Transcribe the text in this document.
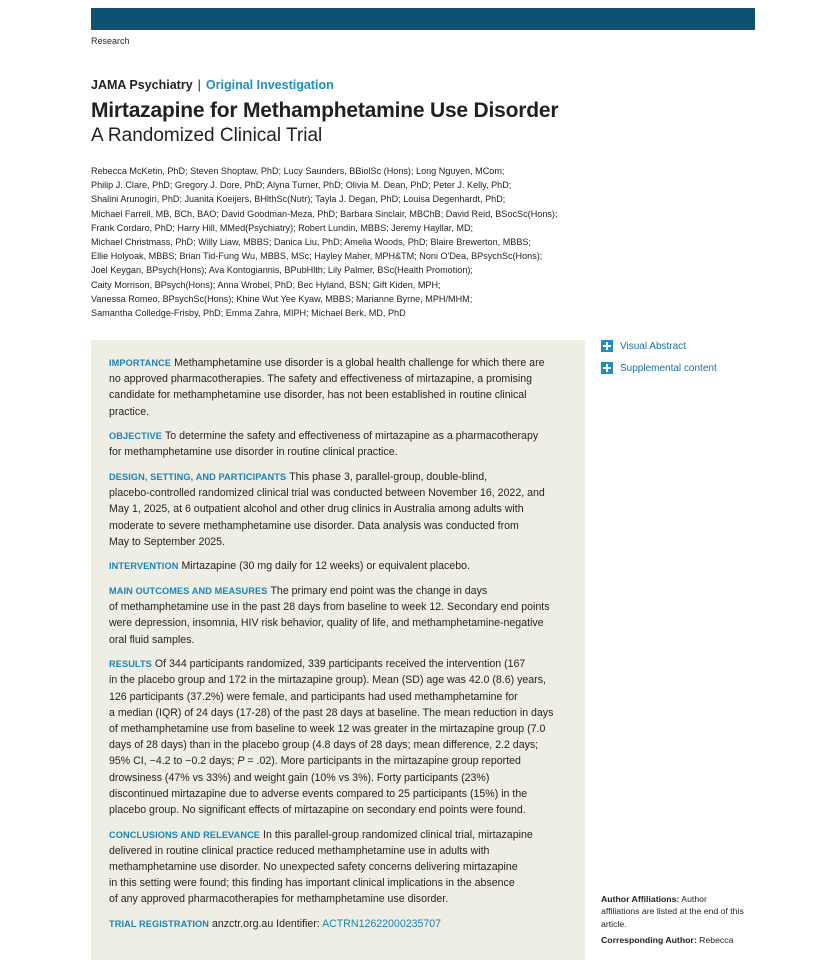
Research
JAMA Psychiatry | Original Investigation
Mirtazapine for Methamphetamine Use Disorder
A Randomized Clinical Trial
Rebecca McKetin, PhD; Steven Shoptaw, PhD; Lucy Saunders, BBiolSc (Hons); Long Nguyen, MCom;
Philip J. Clare, PhD; Gregory J. Dore, PhD; Alyna Turner, PhD; Olivia M. Dean, PhD; Peter J. Kelly, PhD;
Shalini Arunogiri, PhD; Juanita Koeijers, BHlthSc(Nutr); Tayla J. Degan, PhD; Louisa Degenhardt, PhD;
Michael Farrell, MB, BCh, BAO; David Goodman-Meza, PhD; Barbara Sinclair, MBChB; David Reid, BSocSc(Hons);
Frank Cordaro, PhD; Harry Hill, MMed(Psychiatry); Robert Lundin, MBBS; Jeremy Hayllar, MD;
Michael Christmass, PhD; Willy Liaw, MBBS; Danica Liu, PhD; Amelia Woods, PhD; Blaire Brewerton, MBBS;
Ellie Holyoak, MBBS; Brian Tid-Fung Wu, MBBS, MSc; Hayley Maher, MPH&TM; Noni O'Dea, BPsychSc(Hons);
Joel Keygan, BPsych(Hons); Ava Kontogiannis, BPubHlth; Lily Palmer, BSc(Health Promotion);
Caity Morrison, BPsych(Hons); Anna Wrobel, PhD; Bec Hyland, BSN; Gift Kiden, MPH;
Vanessa Romeo, BPsychSc(Hons); Khine Wut Yee Kyaw, MBBS; Marianne Byrne, MPH/MHM;
Samantha Colledge-Frisby, PhD; Emma Zahra, MIPH; Michael Berk, MD, PhD
IMPORTANCE Methamphetamine use disorder is a global health challenge for which there are
no approved pharmacotherapies. The safety and effectiveness of mirtazapine, a promising
candidate for methamphetamine use disorder, has not been established in routine clinical
practice.
OBJECTIVE To determine the safety and effectiveness of mirtazapine as a pharmacotherapy
for methamphetamine use disorder in routine clinical practice.
DESIGN, SETTING, AND PARTICIPANTS This phase 3, parallel-group, double-blind,
placebo-controlled randomized clinical trial was conducted between November 16, 2022, and
May 1, 2025, at 6 outpatient alcohol and other drug clinics in Australia among adults with
moderate to severe methamphetamine use disorder. Data analysis was conducted from
May to September 2025.
INTERVENTION Mirtazapine (30 mg daily for 12 weeks) or equivalent placebo.
MAIN OUTCOMES AND MEASURES The primary end point was the change in days
of methamphetamine use in the past 28 days from baseline to week 12. Secondary end points
were depression, insomnia, HIV risk behavior, quality of life, and methamphetamine-negative
oral fluid samples.
RESULTS Of 344 participants randomized, 339 participants received the intervention (167
in the placebo group and 172 in the mirtazapine group). Mean (SD) age was 42.0 (8.6) years,
126 participants (37.2%) were female, and participants had used methamphetamine for
a median (IQR) of 24 days (17-28) of the past 28 days at baseline. The mean reduction in days
of methamphetamine use from baseline to week 12 was greater in the mirtazapine group (7.0
days of 28 days) than in the placebo group (4.8 days of 28 days; mean difference, 2.2 days;
95% CI, −4.2 to −0.2 days; P = .02). More participants in the mirtazapine group reported
drowsiness (47% vs 33%) and weight gain (10% vs 3%). Forty participants (23%)
discontinued mirtazapine due to adverse events compared to 25 participants (15%) in the
placebo group. No significant effects of mirtazapine on secondary end points were found.
CONCLUSIONS AND RELEVANCE In this parallel-group randomized clinical trial, mirtazapine
delivered in routine clinical practice reduced methamphetamine use in adults with
methamphetamine use disorder. No unexpected safety concerns delivering mirtazapine
in this setting were found; this finding has important clinical implications in the absence
of any approved pharmacotherapies for methamphetamine use disorder.
TRIAL REGISTRATION anzctr.org.au Identifier: ACTRN12622000235707
Visual Abstract
Supplemental content
Author Affiliations: Author
affiliations are listed at the end of this
article.
Corresponding Author: Rebecca
